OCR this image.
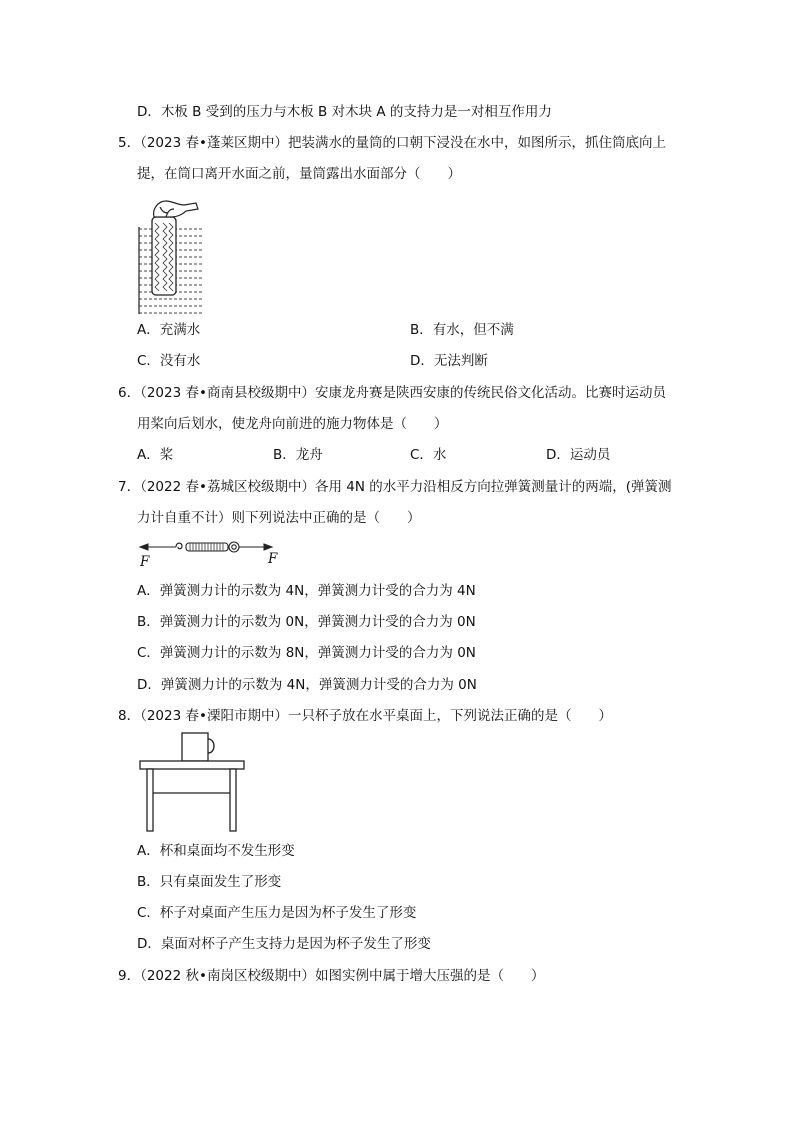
D．木板 B 受到的压力与木板 B 对木块 A 的支持力是一对相互作用力
5．（2023 春•蓬莱区期中）把装满水的量筒的口朝下浸没在水中，如图所示，抓住筒底向上
提，在筒口离开水面之前，量筒露出水面部分（　　）
A．充满水	B．有水，但不满
C．没有水	D．无法判断
6．（2023 春•商南县校级期中）安康龙舟赛是陕西安康的传统民俗文化活动。比赛时运动员
用桨向后划水，使龙舟向前进的施力物体是（　　）
A．桨	B．龙舟	C．水	D．运动员
7．（2022 春•荔城区校级期中）各用 4N 的水平力沿相反方向拉弹簧测量计的两端，(弹簧测
力计自重不计）则下列说法中正确的是（　　）
F	F
A．弹簧测力计的示数为 4N，弹簧测力计受的合力为 4N
B．弹簧测力计的示数为 0N，弹簧测力计受的合力为 0N
C．弹簧测力计的示数为 8N，弹簧测力计受的合力为 0N
D．弹簧测力计的示数为 4N，弹簧测力计受的合力为 0N
8．（2023 春•溧阳市期中）一只杯子放在水平桌面上，下列说法正确的是（　　）
A．杯和桌面均不发生形变
B．只有桌面发生了形变
C．杯子对桌面产生压力是因为杯子发生了形变
D．桌面对杯子产生支持力是因为杯子发生了形变
9．（2022 秋•南岗区校级期中）如图实例中属于增大压强的是（　　）
